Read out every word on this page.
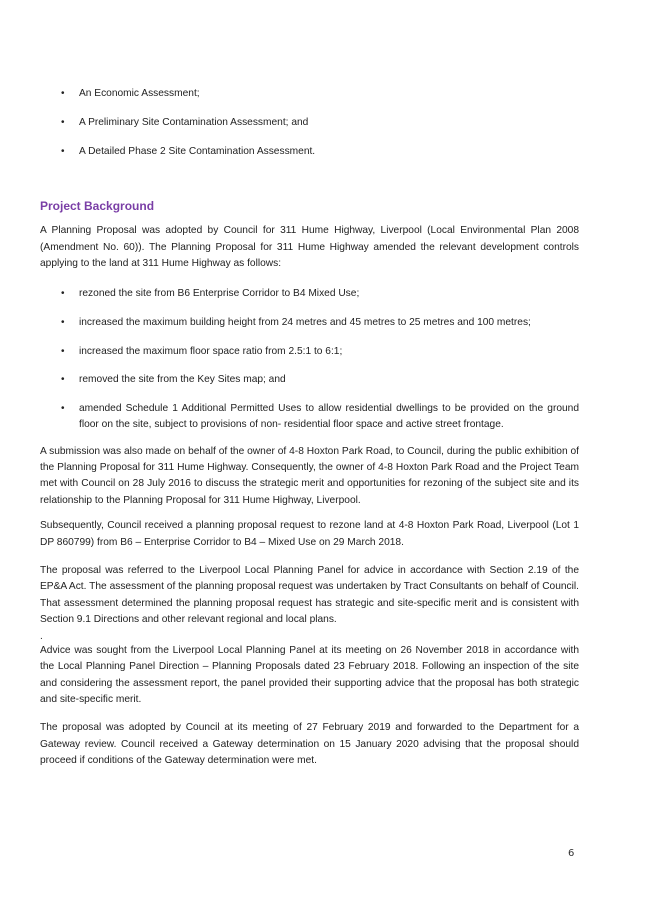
• An Economic Assessment;
• A Preliminary Site Contamination Assessment; and
• A Detailed Phase 2 Site Contamination Assessment.
Project Background

A Planning Proposal was adopted by Council for 311 Hume Highway, Liverpool (Local Environmental Plan 2008 (Amendment No. 60)). The Planning Proposal for 311 Hume Highway amended the relevant development controls applying to the land at 311 Hume Highway as follows:

• rezoned the site from B6 Enterprise Corridor to B4 Mixed Use;
• increased the maximum building height from 24 metres and 45 metres to 25 metres and 100 metres;
• increased the maximum floor space ratio from 2.5:1 to 6:1;
• removed the site from the Key Sites map; and
• amended Schedule 1 Additional Permitted Uses to allow residential dwellings to be provided on the ground floor on the site, subject to provisions of non- residential floor space and active street frontage.

A submission was also made on behalf of the owner of 4-8 Hoxton Park Road, to Council, during the public exhibition of the Planning Proposal for 311 Hume Highway. Consequently, the owner of 4-8 Hoxton Park Road and the Project Team met with Council on 28 July 2016 to discuss the strategic merit and opportunities for rezoning of the subject site and its relationship to the Planning Proposal for 311 Hume Highway, Liverpool.

Subsequently, Council received a planning proposal request to rezone land at 4-8 Hoxton Park Road, Liverpool (Lot 1 DP 860799) from B6 – Enterprise Corridor to B4 – Mixed Use on 29 March 2018.

The proposal was referred to the Liverpool Local Planning Panel for advice in accordance with Section 2.19 of the EP&A Act. The assessment of the planning proposal request was undertaken by Tract Consultants on behalf of Council. That assessment determined the planning proposal request has strategic and site-specific merit and is consistent with Section 9.1 Directions and other relevant regional and local plans.

.

Advice was sought from the Liverpool Local Planning Panel at its meeting on 26 November 2018 in accordance with the Local Planning Panel Direction – Planning Proposals dated 23 February 2018. Following an inspection of the site and considering the assessment report, the panel provided their supporting advice that the proposal has both strategic and site-specific merit.

The proposal was adopted by Council at its meeting of 27 February 2019 and forwarded to the Department for a Gateway review. Council received a Gateway determination on 15 January 2020 advising that the proposal should proceed if conditions of the Gateway determination were met.

6
